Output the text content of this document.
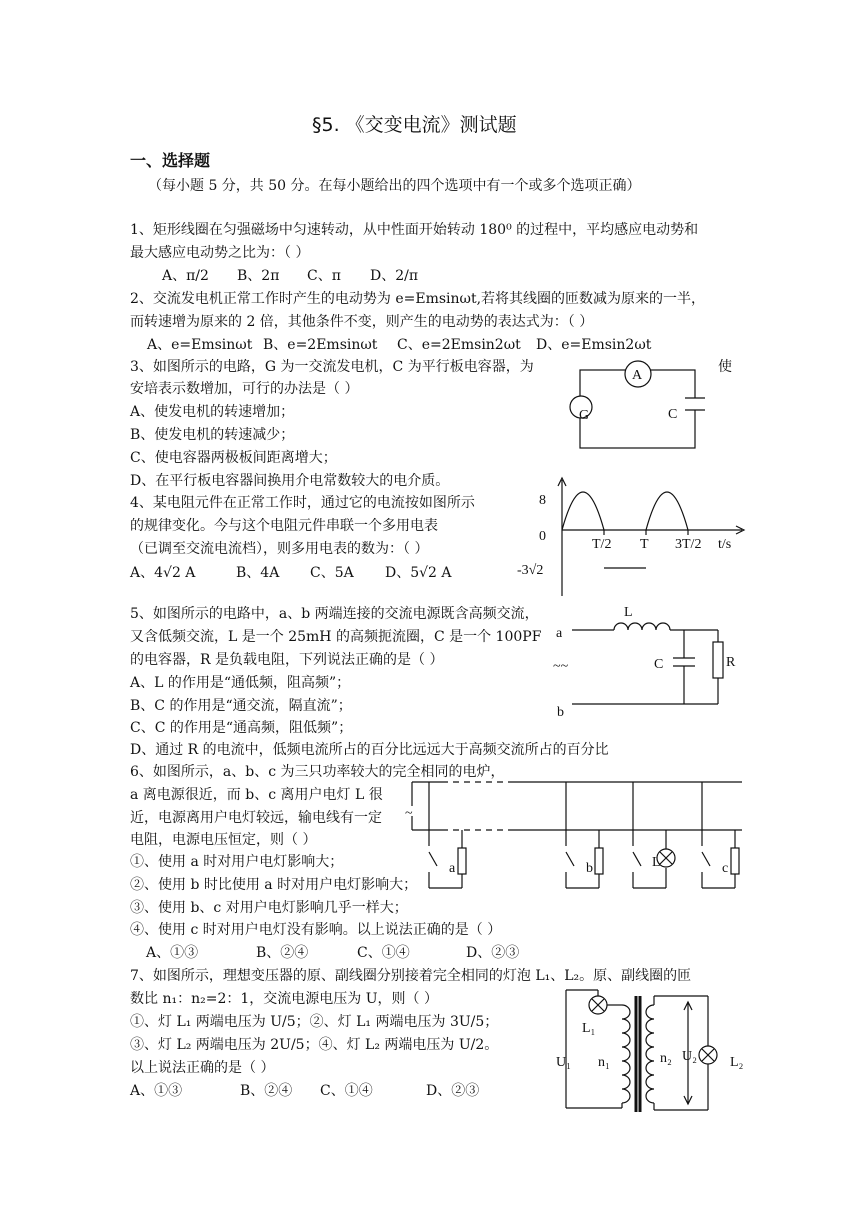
§5. 《交变电流》测试题
一、选择题
（每小题 5 分，共 50 分。在每小题给出的四个选项中有一个或多个选项正确）
1、矩形线圈在匀强磁场中匀速转动，从中性面开始转动 180⁰ 的过程中，平均感应电动势和
最大感应电动势之比为：（ ）
A、π/2 B、2π C、π D、2/π
2、交流发电机正常工作时产生的电动势为 e=Emsinωt,若将其线圈的匝数减为原来的一半，
而转速增为原来的 2 倍，其他条件不变，则产生的电动势的表达式为：（ ）
A、e=Emsinωt B、e=2Emsinωt C、e=2Emsin2ωt D、e=Emsin2ωt
3、如图所示的电路，G 为一交流发电机，C 为平行板电容器，为	使
安培表示数增加，可行的办法是（ ）
A、使发电机的转速增加；
B、使发电机的转速减少；
C、使电容器两极板间距离增大；
D、在平行板电容器间换用介电常数较大的电介质。
4、某电阻元件在正常工作时，通过它的电流按如图所示
的规律变化。今与这个电阻元件串联一个多用电表
（已调至交流电流档），则多用电表的数为：（ ）
A、4√2 A	B、4A C、5A D、5√2 A
5、如图所示的电路中，a、b 两端连接的交流电源既含高频交流，
又含低频交流，L 是一个 25mH 的高频扼流圈，C 是一个 100PF
的电容器，R 是负载电阻，下列说法正确的是（ ）
A、L 的作用是“通低频，阻高频”；
B、C 的作用是“通交流，隔直流”；
C、C 的作用是“通高频，阻低频”；
D、通过 R 的电流中，低频电流所占的百分比远远大于高频交流所占的百分比
6、如图所示，a、b、c 为三只功率较大的完全相同的电炉，
a 离电源很近，而 b、c 离用户电灯 L 很
近，电源离用户电灯较远，输电线有一定
电阻，电源电压恒定，则（ ）
①、使用 a 时对用户电灯影响大；
②、使用 b 时比使用 a 时对用户电灯影响大；
③、使用 b、c 对用户电灯影响几乎一样大；
④、使用 c 时对用户电灯没有影响。以上说法正确的是（ ）
A、①③	B、②④	C、①④	D、②③
7、如图所示，理想变压器的原、副线圈分别接着完全相同的灯泡 L₁、L₂。原、副线圈的匝
数比 n₁：n₂=2：1，交流电源电压为 U，则（ ）
①、灯 L₁ 两端电压为 U/5；②、灯 L₁ 两端电压为 3U/5；
③、灯 L₂ 两端电压为 2U/5；④、灯 L₂ 两端电压为 U/2。
以上说法正确的是（ ）
A、①③	B、②④ C、①④	D、②③
A
G	C
8
0
-3√2
T/2 T 3T/2 t/s
L
a
~~	C	R
b
~
a	b	L	c
L₁
U₁ n₁	n₂ U₂ L₂
